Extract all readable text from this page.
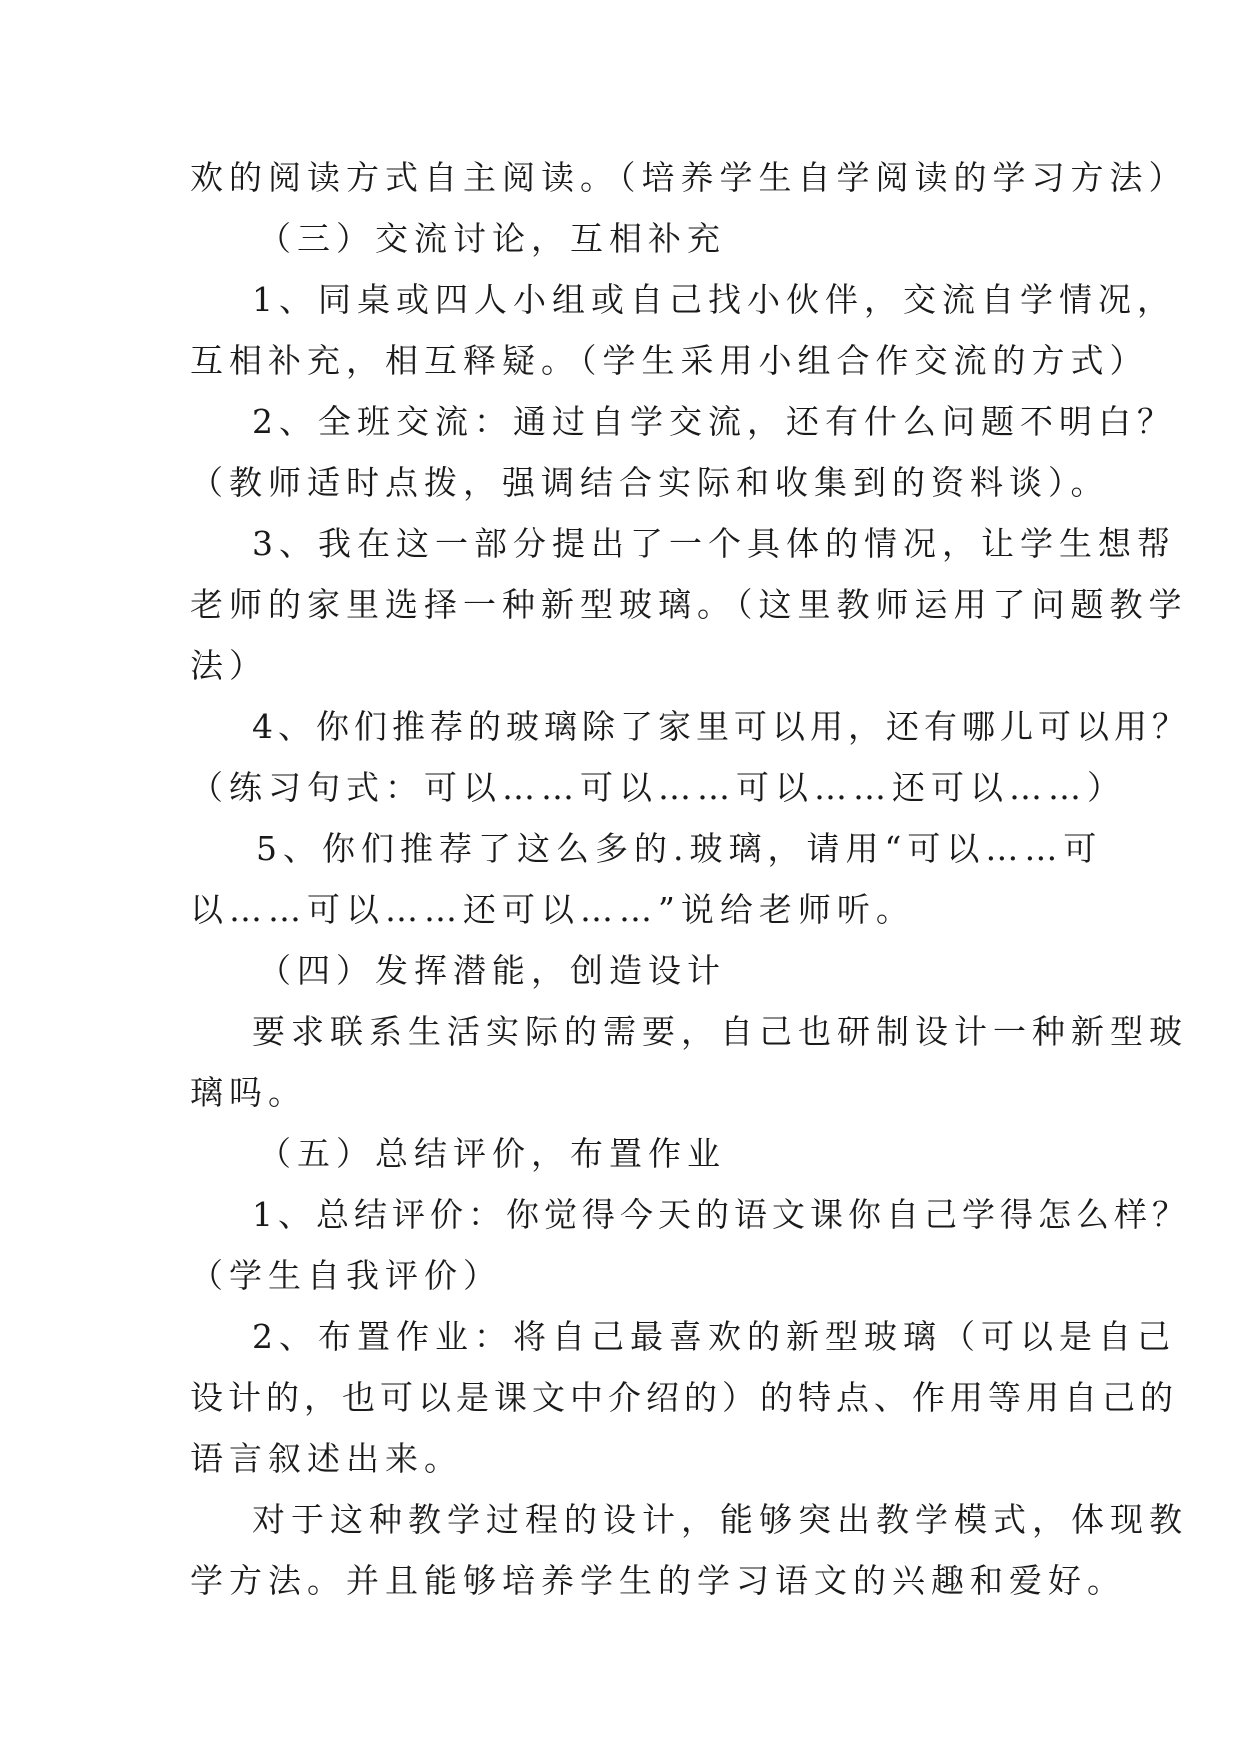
欢的阅读方式自主阅读。（培养学生自学阅读的学习方法）
（三）交流讨论，互相补充
1、同桌或四人小组或自己找小伙伴，交流自学情况，
互相补充，相互释疑。（学生采用小组合作交流的方式）
2、全班交流：通过自学交流，还有什么问题不明白？
（教师适时点拨，强调结合实际和收集到的资料谈）。
3、我在这一部分提出了一个具体的情况，让学生想帮
老师的家里选择一种新型玻璃。（这里教师运用了问题教学
法）
4、你们推荐的玻璃除了家里可以用，还有哪儿可以用？
（练习句式：可以……可以……可以……还可以……）
5、你们推荐了这么多的.玻璃，请用“可以……可
以……可以……还可以……”说给老师听。
（四）发挥潜能，创造设计
要求联系生活实际的需要，自己也研制设计一种新型玻
璃吗。
（五）总结评价，布置作业
1、总结评价：你觉得今天的语文课你自己学得怎么样？
（学生自我评价）
2、布置作业：将自己最喜欢的新型玻璃（可以是自己
设计的，也可以是课文中介绍的）的特点、作用等用自己的
语言叙述出来。
对于这种教学过程的设计，能够突出教学模式，体现教
学方法。并且能够培养学生的学习语文的兴趣和爱好。
